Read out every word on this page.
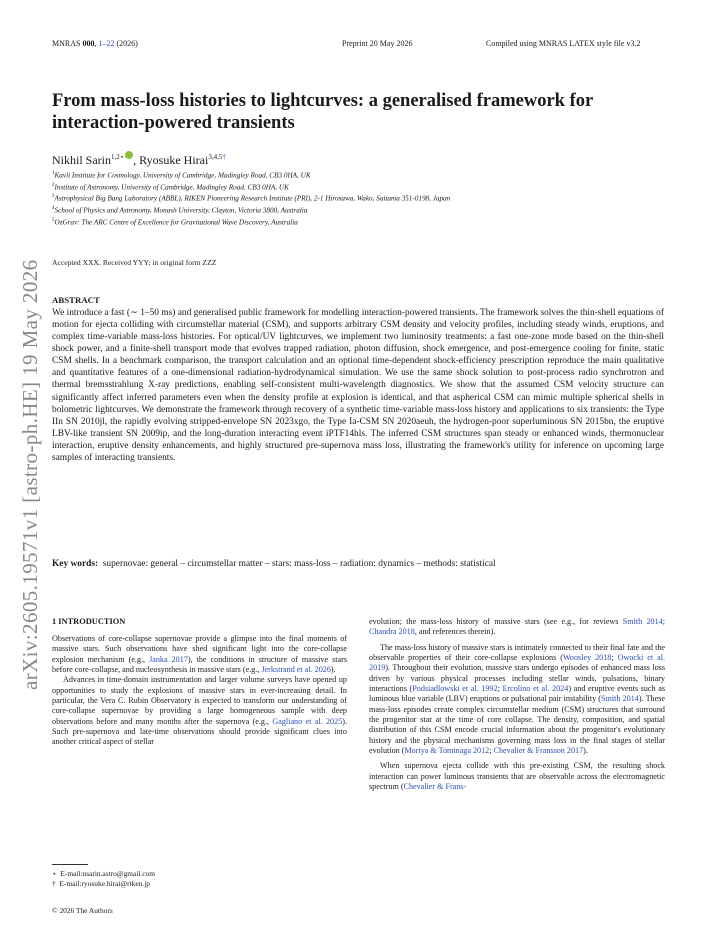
MNRAS 000, 1–22 (2026)	Preprint 20 May 2026	Compiled using MNRAS LATEX style file v3.2
From mass-loss histories to lightcurves: a generalised framework for interaction-powered transients
Nikhil Sarin$^{1,2⋆}$ , Ryosuke Hirai$^{3,4,5\dagger}$
$^1$Kavli Institute for Cosmology, University of Cambridge, Madingley Road, CB3 0HA, UK
$^2$Institute of Astronomy, University of Cambridge, Madingley Road, CB3 0HA, UK
$^3$Astrophysical Big Bang Laboratory (ABBL), RIKEN Pioneering Research Institute (PRI), 2-1 Hirosawa, Wako, Saitama 351-0198, Japan
$^4$School of Physics and Astronomy, Monash University, Clayton, Victoria 3800, Australia
$^5$OzGrav: The ARC Centre of Excellence for Gravitational Wave Discovery, Australia
Accepted XXX. Received YYY; in original form ZZZ
ABSTRACT
We introduce a fast (∼ 1–50 ms) and generalised public framework for modelling interaction-powered transients. The framework solves the thin-shell equations of motion for ejecta colliding with circumstellar material (CSM), and supports arbitrary CSM density and velocity profiles, including steady winds, eruptions, and complex time-variable mass-loss histories. For optical/UV lightcurves, we implement two luminosity treatments: a fast one-zone mode based on the thin-shell shock power, and a finite-shell transport mode that evolves trapped radiation, photon diffusion, shock emergence, and post-emergence cooling for finite, static CSM shells. In a benchmark comparison, the transport calculation and an optional time-dependent shock-efficiency prescription reproduce the main qualitative and quantitative features of a one-dimensional radiation-hydrodynamical simulation. We use the same shock solution to post-process radio synchrotron and thermal bremsstrahlung X-ray predictions, enabling self-consistent multi-wavelength diagnostics. We show that the assumed CSM velocity structure can significantly affect inferred parameters even when the density profile at explosion is identical, and that aspherical CSM can mimic multiple spherical shells in bolometric lightcurves. We demonstrate the framework through recovery of a synthetic time-variable mass-loss history and applications to six transients: the Type IIn SN 2010jl, the rapidly evolving stripped-envelope SN 2023xgo, the Type Ia-CSM SN 2020aeuh, the hydrogen-poor superluminous SN 2015bn, the eruptive LBV-like transient SN 2009ip, and the long-duration interacting event iPTF14hls. The inferred CSM structures span steady or enhanced winds, thermonuclear interaction, eruptive density enhancements, and highly structured pre-supernova mass loss, illustrating the framework's utility for inference on upcoming large samples of interacting transients.
Key words: supernovae: general – circumstellar matter – stars: mass-loss – radiation: dynamics – methods: statistical
1 INTRODUCTION

Observations of core-collapse supernovae provide a glimpse into the final moments of massive stars. Such observations have shed significant light into the core-collapse explosion mechanism (e.g., Janka 2017), the conditions in structure of massive stars before core-collapse, and nucleosynthesis in massive stars (e.g., Jerkstrand et al. 2026).

Advances in time-domain instrumentation and larger volume surveys have opened up opportunities to study the explosions of massive stars in ever-increasing detail. In particular, the Vera C. Rubin Observatory is expected to transform our understanding of core-collapse supernovae by providing a large homogeneous sample with deep observations before and many months after the supernova (e.g., Gagliano et al. 2025). Such pre-supernova and late-time observations should provide significant clues into another critical aspect of stellar

evolution; the mass-loss history of massive stars (see e.g., for reviews Smith 2014; Chandra 2018, and references therein).

The mass-loss history of massive stars is intimately connected to their final fate and the observable properties of their core-collapse explosions (Woosley 2018; Owocki et al. 2019). Throughout their evolution, massive stars undergo episodes of enhanced mass loss driven by various physical processes including stellar winds, pulsations, binary interactions (Podsiadlowski et al. 1992; Ercolino et al. 2024) and eruptive events such as luminous blue variable (LBV) eruptions or pulsational pair instability (Smith 2014). These mass-loss episodes create complex circumstellar medium (CSM) structures that surround the progenitor star at the time of core collapse. The density, composition, and spatial distribution of this CSM encode crucial information about the progenitor's evolutionary history and the physical mechanisms governing mass loss in the final stages of stellar evolution (Moriya & Tominaga 2012; Chevalier & Fransson 2017).

When supernova ejecta collide with this pre-existing CSM, the resulting shock interaction can power luminous transients that are observable across the electromagnetic spectrum (Chevalier & Frans-

⋆ E-mail:nsarin.astro@gmail.com
† E-mail:ryosuke.hirai@riken.jp
© 2026 The Authors
arXiv:2605.19571v1 [astro-ph.HE] 19 May 2026
